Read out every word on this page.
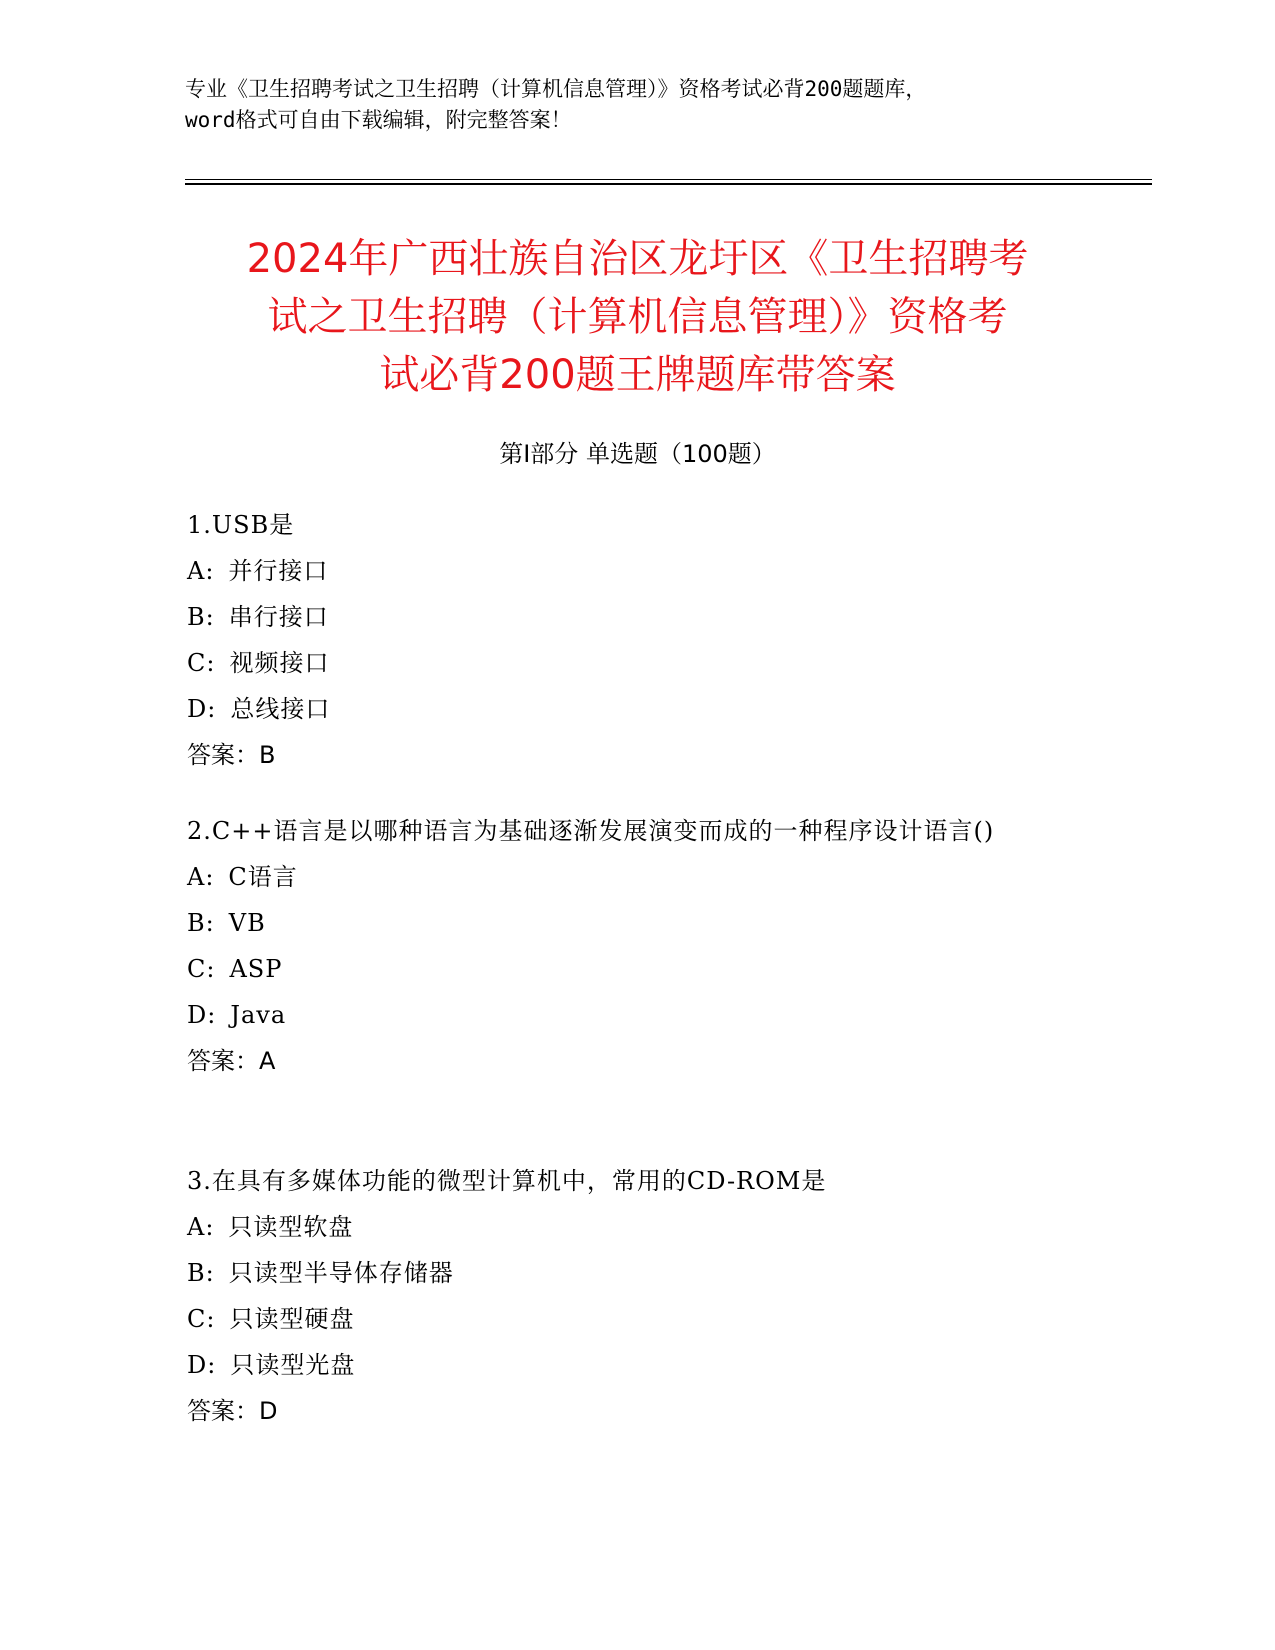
专业《卫生招聘考试之卫生招聘（计算机信息管理）》资格考试必背200题题库，
word格式可自由下载编辑，附完整答案！
2024年广西壮族自治区龙圩区《卫生招聘考
试之卫生招聘（计算机信息管理）》资格考
试必背200题王牌题库带答案
第Ⅰ部分 单选题（100题）
1.USB是
A: 并行接口
B: 串行接口
C: 视频接口
D: 总线接口
答案：B
2.C++语言是以哪种语言为基础逐渐发展演变而成的一种程序设计语言()
A: C语言
B: VB
C: ASP
D: Java
答案：A
3.在具有多媒体功能的微型计算机中，常用的CD-ROM是
A: 只读型软盘
B: 只读型半导体存储器
C: 只读型硬盘
D: 只读型光盘
答案：D
